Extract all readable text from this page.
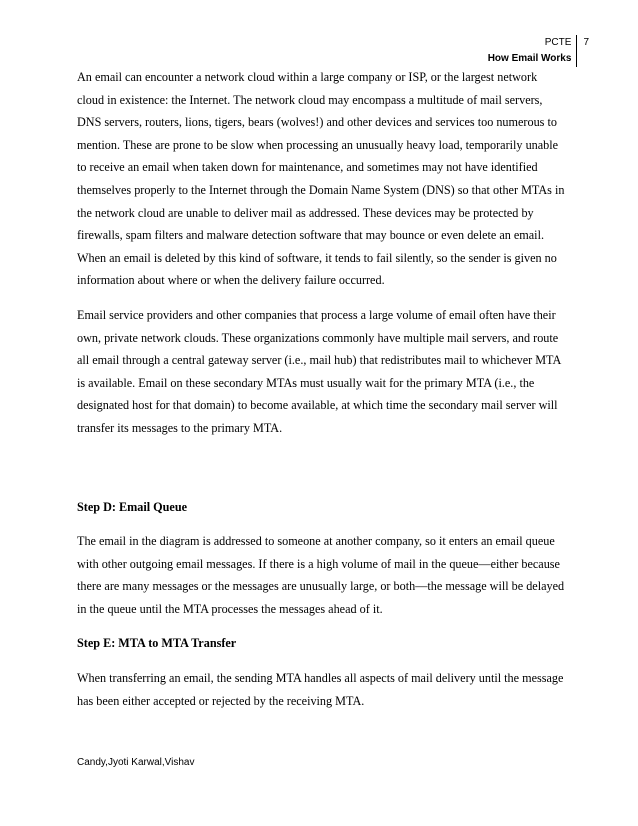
PCTE
How Email Works
7

An email can encounter a network cloud within a large company or ISP, or the largest network cloud in existence: the Internet. The network cloud may encompass a multitude of mail servers, DNS servers, routers, lions, tigers, bears (wolves!) and other devices and services too numerous to mention. These are prone to be slow when processing an unusually heavy load, temporarily unable to receive an email when taken down for maintenance, and sometimes may not have identified themselves properly to the Internet through the Domain Name System (DNS) so that other MTAs in the network cloud are unable to deliver mail as addressed. These devices may be protected by firewalls, spam filters and malware detection software that may bounce or even delete an email. When an email is deleted by this kind of software, it tends to fail silently, so the sender is given no information about where or when the delivery failure occurred.

Email service providers and other companies that process a large volume of email often have their own, private network clouds. These organizations commonly have multiple mail servers, and route all email through a central gateway server (i.e., mail hub) that redistributes mail to whichever MTA is available. Email on these secondary MTAs must usually wait for the primary MTA (i.e., the designated host for that domain) to become available, at which time the secondary mail server will transfer its messages to the primary MTA.

Step D: Email Queue

The email in the diagram is addressed to someone at another company, so it enters an email queue with other outgoing email messages. If there is a high volume of mail in the queue—either because there are many messages or the messages are unusually large, or both—the message will be delayed in the queue until the MTA processes the messages ahead of it.

Step E: MTA to MTA Transfer

When transferring an email, the sending MTA handles all aspects of mail delivery until the message has been either accepted or rejected by the receiving MTA.

Candy,Jyoti Karwal,Vishav
